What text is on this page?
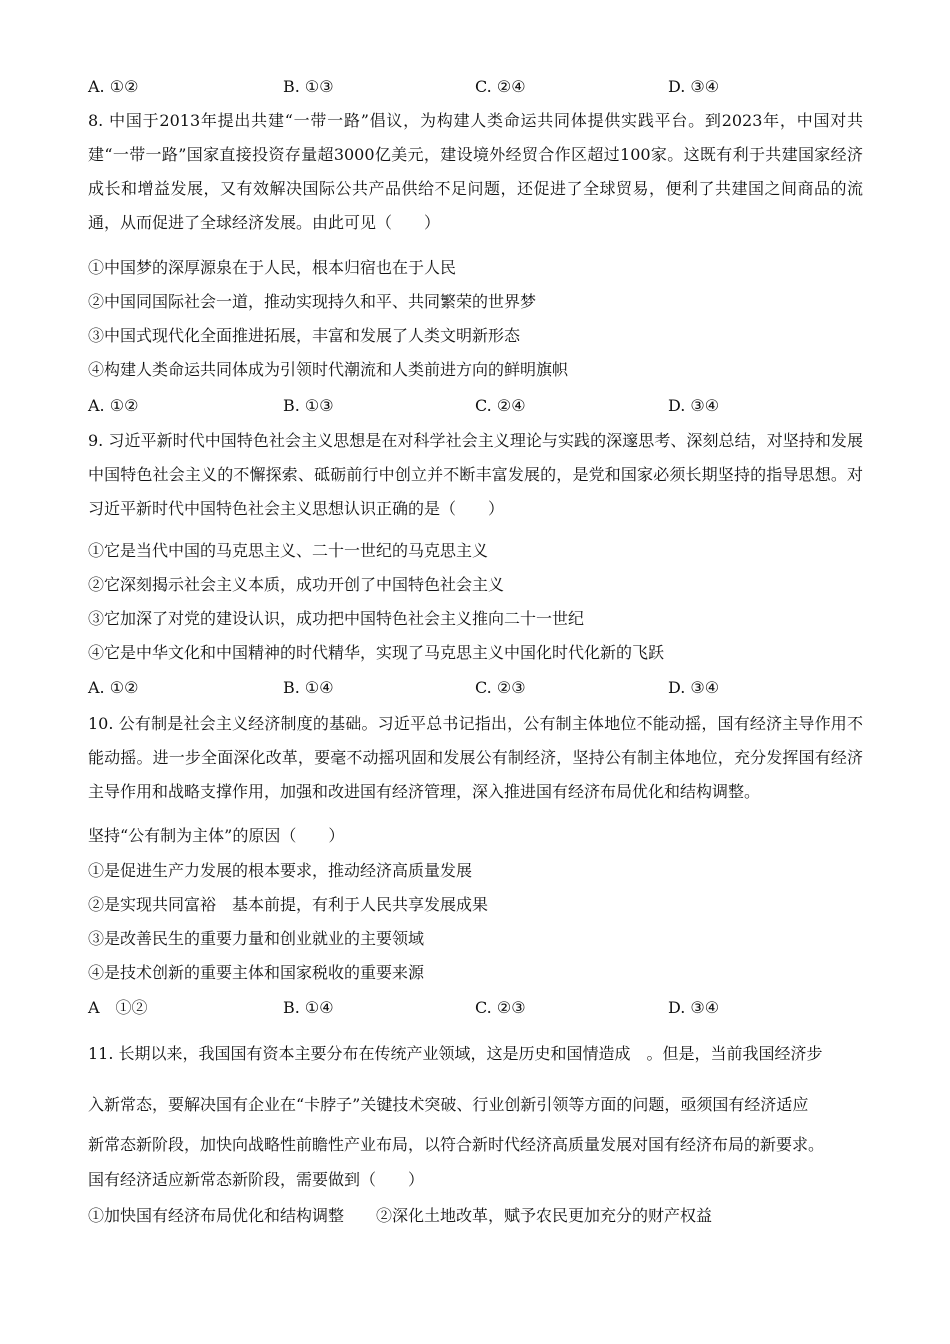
A. ①②	B. ①③	C. ②④	D. ③④
8. 中国于2013年提出共建“一带一路”倡议，为构建人类命运共同体提供实践平台。到2023年，中国对共建“一带一路”国家直接投资存量超3000亿美元，建设境外经贸合作区超过100家。这既有利于共建国家经济成长和增益发展，又有效解决国际公共产品供给不足问题，还促进了全球贸易，便利了共建国之间商品的流通，从而促进了全球经济发展。由此可见（　　）
①中国梦的深厚源泉在于人民，根本归宿也在于人民
②中国同国际社会一道，推动实现持久和平、共同繁荣的世界梦
③中国式现代化全面推进拓展，丰富和发展了人类文明新形态
④构建人类命运共同体成为引领时代潮流和人类前进方向的鲜明旗帜
A. ①②	B. ①③	C. ②④	D. ③④
9. 习近平新时代中国特色社会主义思想是在对科学社会主义理论与实践的深邃思考、深刻总结，对坚持和发展中国特色社会主义的不懈探索、砥砺前行中创立并不断丰富发展的，是党和国家必须长期坚持的指导思想。对习近平新时代中国特色社会主义思想认识正确的是（　　）
①它是当代中国的马克思主义、二十一世纪的马克思主义
②它深刻揭示社会主义本质，成功开创了中国特色社会主义
③它加深了对党的建设认识，成功把中国特色社会主义推向二十一世纪
④它是中华文化和中国精神的时代精华，实现了马克思主义中国化时代化新的飞跃
A. ①②	B. ①④	C. ②③	D. ③④
10. 公有制是社会主义经济制度的基础。习近平总书记指出，公有制主体地位不能动摇，国有经济主导作用不能动摇。进一步全面深化改革，要毫不动摇巩固和发展公有制经济，坚持公有制主体地位，充分发挥国有经济主导作用和战略支撑作用，加强和改进国有经济管理，深入推进国有经济布局优化和结构调整。
坚持“公有制为主体”的原因（　　）
①是促进生产力发展的根本要求，推动经济高质量发展
②是实现共同富裕　基本前提，有利于人民共享发展成果
③是改善民生的重要力量和创业就业的主要领域
④是技术创新的重要主体和国家税收的重要来源
A　①②	B. ①④	C. ②③	D. ③④
11. 长期以来，我国国有资本主要分布在传统产业领域，这是历史和国情造成　。但是，当前我国经济步
入新常态，要解决国有企业在“卡脖子”关键技术突破、行业创新引领等方面的问题，亟须国有经济适应
新常态新阶段，加快向战略性前瞻性产业布局，以符合新时代经济高质量发展对国有经济布局的新要求。
国有经济适应新常态新阶段，需要做到（　　）
①加快国有经济布局优化和结构调整　　②深化土地改革，赋予农民更加充分的财产权益
